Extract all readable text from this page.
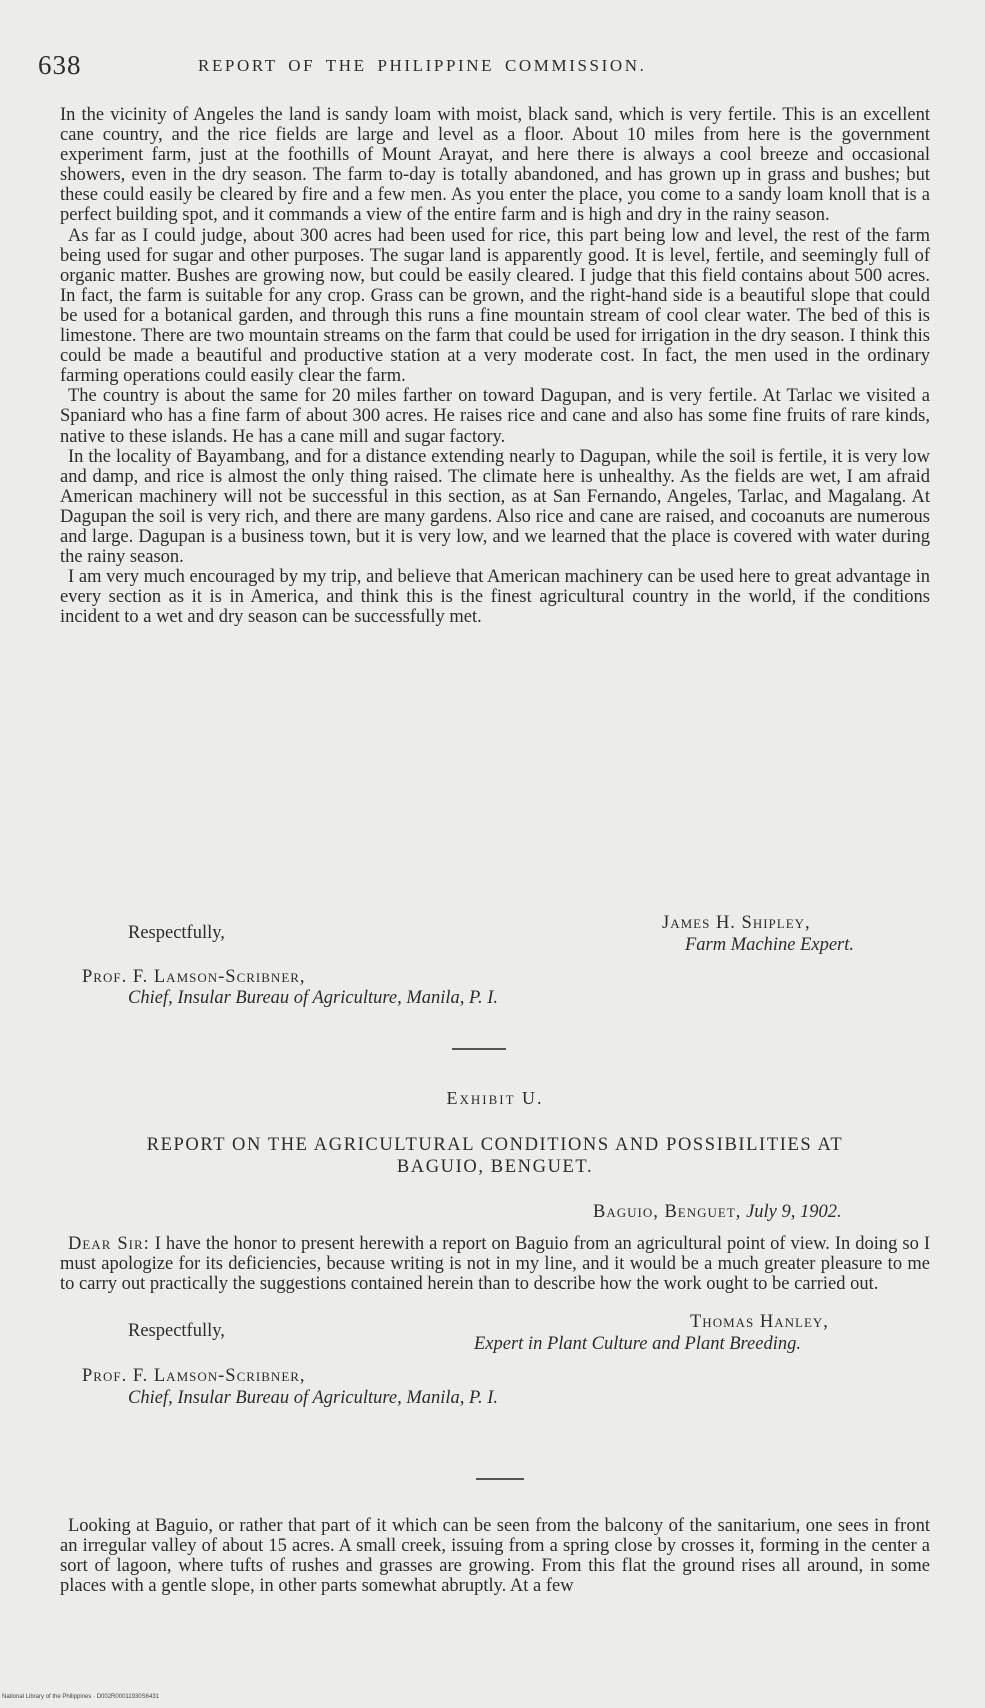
638	REPORT OF THE PHILIPPINE COMMISSION.

In the vicinity of Angeles the land is sandy loam with moist, black sand, which is very fertile. This is an excellent cane country, and the rice fields are large and level as a floor. About 10 miles from here is the government experiment farm, just at the foothills of Mount Arayat, and here there is always a cool breeze and occasional showers, even in the dry season. The farm to-day is totally abandoned, and has grown up in grass and bushes; but these could easily be cleared by fire and a few men. As you enter the place, you come to a sandy loam knoll that is a perfect building spot, and it commands a view of the entire farm and is high and dry in the rainy season.

As far as I could judge, about 300 acres had been used for rice, this part being low and level, the rest of the farm being used for sugar and other purposes. The sugar land is apparently good. It is level, fertile, and seemingly full of organic matter. Bushes are growing now, but could be easily cleared. I judge that this field contains about 500 acres. In fact, the farm is suitable for any crop. Grass can be grown, and the right-hand side is a beautiful slope that could be used for a botanical garden, and through this runs a fine mountain stream of cool clear water. The bed of this is limestone. There are two mountain streams on the farm that could be used for irrigation in the dry season. I think this could be made a beautiful and productive station at a very moderate cost. In fact, the men used in the ordinary farming operations could easily clear the farm.

The country is about the same for 20 miles farther on toward Dagupan, and is very fertile. At Tarlac we visited a Spaniard who has a fine farm of about 300 acres. He raises rice and cane and also has some fine fruits of rare kinds, native to these islands. He has a cane mill and sugar factory.

In the locality of Bayambang, and for a distance extending nearly to Dagupan, while the soil is fertile, it is very low and damp, and rice is almost the only thing raised. The climate here is unhealthy. As the fields are wet, I am afraid American machinery will not be successful in this section, as at San Fernando, Angeles, Tarlac, and Magalang. At Dagupan the soil is very rich, and there are many gardens. Also rice and cane are raised, and cocoanuts are numerous and large. Dagupan is a business town, but it is very low, and we learned that the place is covered with water during the rainy season.

I am very much encouraged by my trip, and believe that American machinery can be used here to great advantage in every section as it is in America, and think this is the finest agricultural country in the world, if the conditions incident to a wet and dry season can be successfully met.

Respectfully,	James H. Shipley,
Farm Machine Expert.
Prof. F. Lamson-Scribner,
Chief, Insular Bureau of Agriculture, Manila, P. I.
Exhibit U.
REPORT ON THE AGRICULTURAL CONDITIONS AND POSSIBILITIES AT
BAGUIO, BENGUET.
Baguio, Benguet, July 9, 1902.

Dear Sir: I have the honor to present herewith a report on Baguio from an agricultural point of view. In doing so I must apologize for its deficiencies, because writing is not in my line, and it would be a much greater pleasure to me to carry out practically the suggestions contained herein than to describe how the work ought to be carried out.

Respectfully,	Thomas Hanley,
Expert in Plant Culture and Plant Breeding.
Prof. F. Lamson-Scribner,
Chief, Insular Bureau of Agriculture, Manila, P. I.

Looking at Baguio, or rather that part of it which can be seen from the balcony of the sanitarium, one sees in front an irregular valley of about 15 acres. A small creek, issuing from a spring close by crosses it, forming in the center a sort of lagoon, where tufts of rushes and grasses are growing. From this flat the ground rises all around, in some places with a gentle slope, in other parts somewhat abruptly. At a few

National Library of the Philippines · D002R00011930S6431
